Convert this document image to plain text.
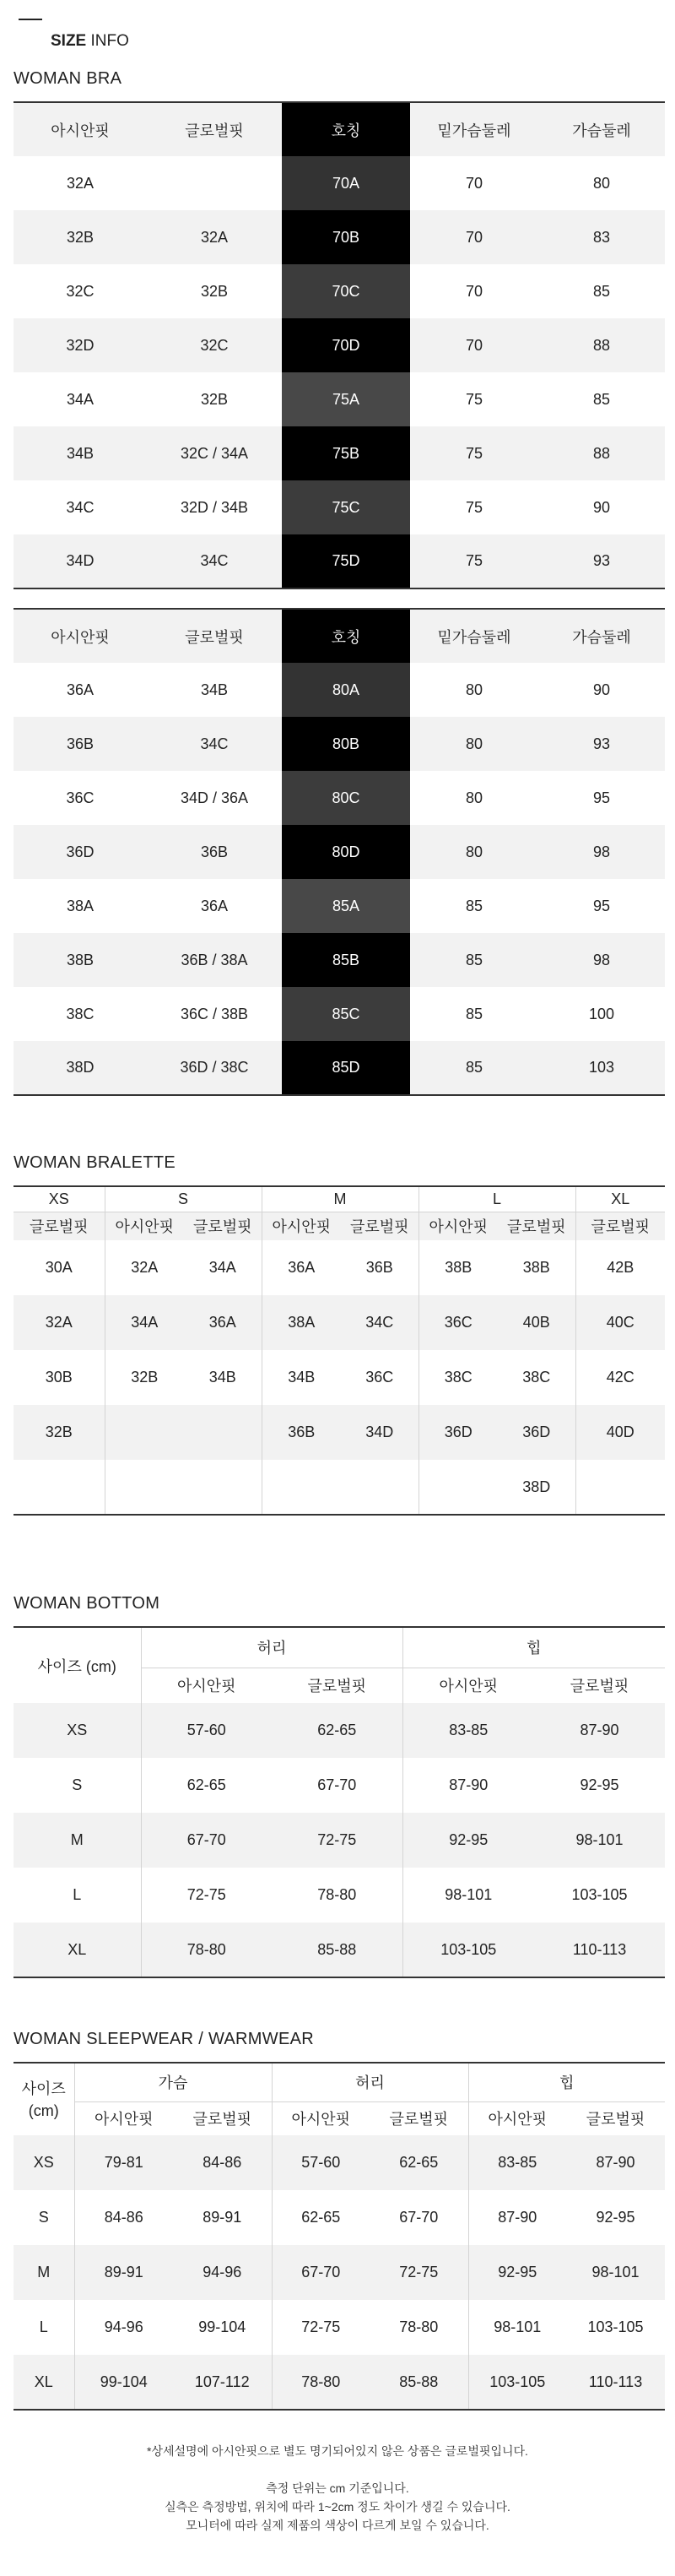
SIZE INFO
WOMAN BRA
아시안핏	글로벌핏	호칭	밑가슴둘레	가슴둘레
32A		70A	70	80
32B	32A	70B	70	83
32C	32B	70C	70	85
32D	32C	70D	70	88
34A	32B	75A	75	85
34B	32C / 34A	75B	75	88
34C	32D / 34B	75C	75	90
34D	34C	75D	75	93
아시안핏	글로벌핏	호칭	밑가슴둘레	가슴둘레
36A	34B	80A	80	90
36B	34C	80B	80	93
36C	34D / 36A	80C	80	95
36D	36B	80D	80	98
38A	36A	85A	85	95
38B	36B / 38A	85B	85	98
38C	36C / 38B	85C	85	100
38D	36D / 38C	85D	85	103
WOMAN BRALETTE
XS	S		M		L		XL
글로벌핏	아시안핏	글로벌핏	아시안핏	글로벌핏	아시안핏	글로벌핏	글로벌핏
30A	32A	34A	36A	36B	38B	38B	42B
32A	34A	36A	38A	34C	36C	40B	40C
30B	32B	34B	34B	36C	38C	38C	42C
32B			36B	34D	36D	36D	40D
						38D	
WOMAN BOTTOM
사이즈 (cm)	허리		힙	
	아시안핏	글로벌핏	아시안핏	글로벌핏
XS	57-60	62-65	83-85	87-90
S	62-65	67-70	87-90	92-95
M	67-70	72-75	92-95	98-101
L	72-75	78-80	98-101	103-105
XL	78-80	85-88	103-105	110-113
WOMAN SLEEPWEAR / WARMWEAR
사이즈
(cm)	가슴		허리		힙	
	아시안핏	글로벌핏	아시안핏	글로벌핏	아시안핏	글로벌핏
XS	79-81	84-86	57-60	62-65	83-85	87-90
S	84-86	89-91	62-65	67-70	87-90	92-95
M	89-91	94-96	67-70	72-75	92-95	98-101
L	94-96	99-104	72-75	78-80	98-101	103-105
XL	99-104	107-112	78-80	85-88	103-105	110-113
*상세설명에 아시안핏으로 별도 명기되어있지 않은 상품은 글로벌핏입니다.
측정 단위는 cm 기준입니다.
실측은 측정방법, 위치에 따라 1~2cm 정도 차이가 생길 수 있습니다.
모니터에 따라 실제 제품의 색상이 다르게 보일 수 있습니다.
